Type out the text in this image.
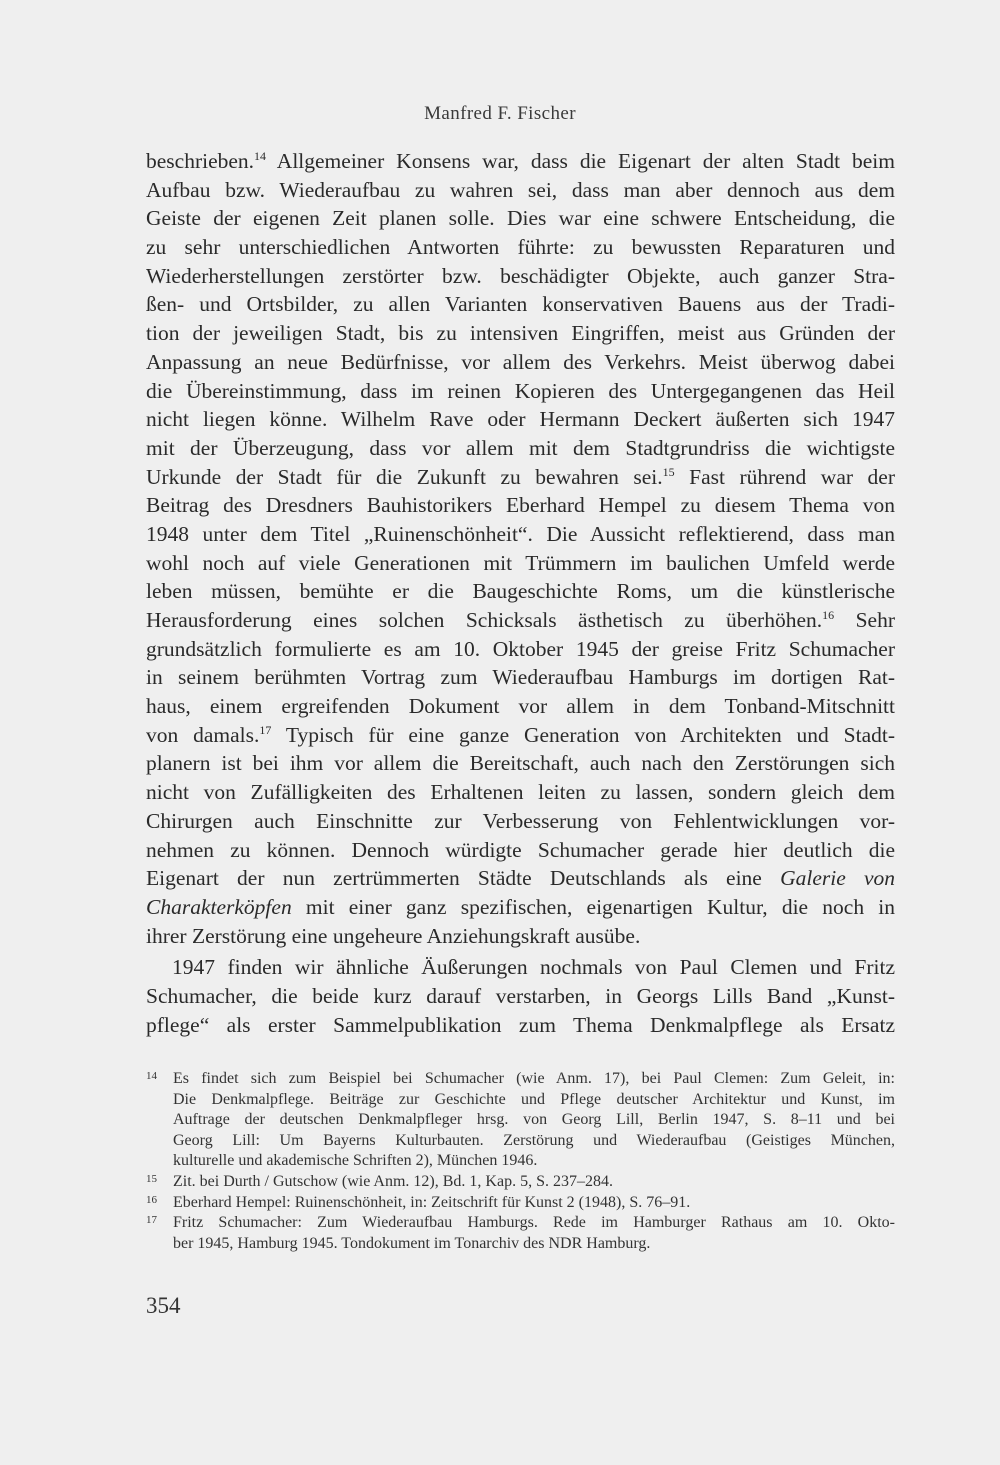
Manfred F. Fischer
beschrieben.$^{14}$ Allgemeiner Konsens war, dass die Eigenart der alten Stadt beim
Aufbau bzw. Wiederaufbau zu wahren sei, dass man aber dennoch aus dem
Geiste der eigenen Zeit planen solle. Dies war eine schwere Entscheidung, die
zu sehr unterschiedlichen Antworten führte: zu bewussten Reparaturen und
Wiederherstellungen zerstörter bzw. beschädigter Objekte, auch ganzer Stra-
ßen- und Ortsbilder, zu allen Varianten konservativen Bauens aus der Tradi-
tion der jeweiligen Stadt, bis zu intensiven Eingriffen, meist aus Gründen der
Anpassung an neue Bedürfnisse, vor allem des Verkehrs. Meist überwog dabei
die Übereinstimmung, dass im reinen Kopieren des Untergegangenen das Heil
nicht liegen könne. Wilhelm Rave oder Hermann Deckert äußerten sich 1947
mit der Überzeugung, dass vor allem mit dem Stadtgrundriss die wichtigste
Urkunde der Stadt für die Zukunft zu bewahren sei.$^{15}$ Fast rührend war der
Beitrag des Dresdners Bauhistorikers Eberhard Hempel zu diesem Thema von
1948 unter dem Titel „Ruinenschönheit“. Die Aussicht reflektierend, dass man
wohl noch auf viele Generationen mit Trümmern im baulichen Umfeld werde
leben müssen, bemühte er die Baugeschichte Roms, um die künstlerische
Herausforderung eines solchen Schicksals ästhetisch zu überhöhen.$^{16}$ Sehr
grundsätzlich formulierte es am 10. Oktober 1945 der greise Fritz Schumacher
in seinem berühmten Vortrag zum Wiederaufbau Hamburgs im dortigen Rat-
haus, einem ergreifenden Dokument vor allem in dem Tonband-Mitschnitt
von damals.$^{17}$ Typisch für eine ganze Generation von Architekten und Stadt-
planern ist bei ihm vor allem die Bereitschaft, auch nach den Zerstörungen sich
nicht von Zufälligkeiten des Erhaltenen leiten zu lassen, sondern gleich dem
Chirurgen auch Einschnitte zur Verbesserung von Fehlentwicklungen vor-
nehmen zu können. Dennoch würdigte Schumacher gerade hier deutlich die
Eigenart der nun zertrümmerten Städte Deutschlands als eine Galerie von
Charakterköpfen mit einer ganz spezifischen, eigenartigen Kultur, die noch in
ihrer Zerstörung eine ungeheure Anziehungskraft ausübe.
1947 finden wir ähnliche Äußerungen nochmals von Paul Clemen und Fritz
Schumacher, die beide kurz darauf verstarben, in Georgs Lills Band „Kunst-
pflege“ als erster Sammelpublikation zum Thema Denkmalpflege als Ersatz
14 Es findet sich zum Beispiel bei Schumacher (wie Anm. 17), bei Paul Clemen: Zum Geleit, in:
Die Denkmalpflege. Beiträge zur Geschichte und Pflege deutscher Architektur und Kunst, im
Auftrage der deutschen Denkmalpfleger hrsg. von Georg Lill, Berlin 1947, S. 8–11 und bei
Georg Lill: Um Bayerns Kulturbauten. Zerstörung und Wiederaufbau (Geistiges München,
kulturelle und akademische Schriften 2), München 1946.
15 Zit. bei Durth / Gutschow (wie Anm. 12), Bd. 1, Kap. 5, S. 237–284.
16 Eberhard Hempel: Ruinenschönheit, in: Zeitschrift für Kunst 2 (1948), S. 76–91.
17 Fritz Schumacher: Zum Wiederaufbau Hamburgs. Rede im Hamburger Rathaus am 10. Okto-
ber 1945, Hamburg 1945. Tondokument im Tonarchiv des NDR Hamburg.
354
